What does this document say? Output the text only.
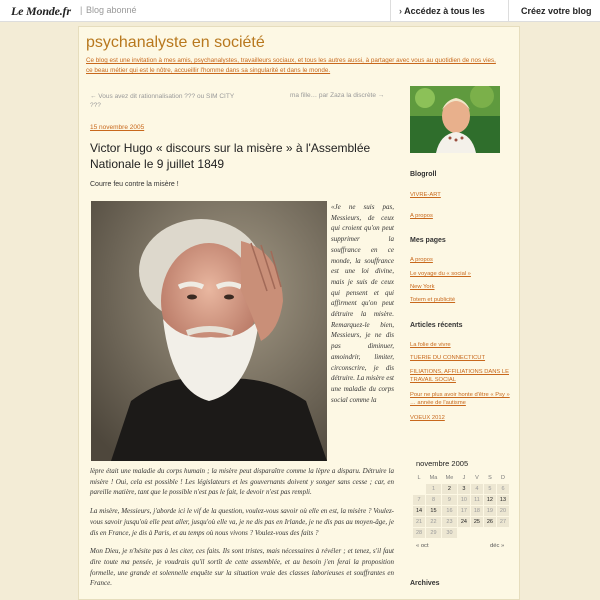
Le Monde.fr | Blog abonné	› Accédez à tous les	Créez votre blog
psychanalyste en société
Ce blog est une invitation à mes amis, psychanalystes, travailleurs sociaux, et tous les autres aussi, à partager avec vous au quotidien de nos vies, ce beau métier qui est le nôtre, accueillir l'homme dans sa singularité et dans le monde.
← Vous avez dit rationnalisation ??? ou SIM CITY ???
ma fille… par Zaza la discrète →
15 novembre 2005
Victor Hugo « discours sur la misère » à l'Assemblée Nationale le 9 juillet 1849
Courre feu contre la misère !
«Je ne suis pas, Messieurs, de ceux qui croient qu'on peut supprimer la souffrance en ce monde, la souffrance est une loi divine, mais je suis de ceux qui pensent et qui affirment qu'on peut détruire la misère. Remarquez-le bien, Messieurs, je ne dis pas diminuer, amoindrir, limiter, circonscrire, je dis détruire. La misère est une maladie du corps social comme la

lèpre était une maladie du corps humain ; la misère peut disparaître comme la lèpre a disparu. Détruire la misère ! Oui, cela est possible ! Les législateurs et les gouvernants doivent y songer sans cesse ; car, en pareille matière, tant que le possible n'est pas le fait, le devoir n'est pas rempli.

La misère, Messieurs, j'aborde ici le vif de la question, voulez-vous savoir où elle en est, la misère ? Voulez-vous savoir jusqu'où elle peut aller, jusqu'où elle va, je ne dis pas en Irlande, je ne dis pas au moyen-âge, je dis en France, je dis à Paris, et au temps où nous vivons ? Voulez-vous des faits ?

Mon Dieu, je n'hésite pas à les citer, ces faits. Ils sont tristes, mais nécessaires à révéler ; et tenez, s'il faut dire toute ma pensée, je voudrais qu'il sortît de cette assemblée, et au besoin j'en ferai la proposition formelle, une grande et solennelle enquête sur la situation vraie des classes laborieuses et souffrantes en France.

Blogroll
VIVRE-ART
A propos
Mes pages
A propos
Le voyage du « social »
New York
Totem et publicité
Articles récents
La folie de vivre
TUERIE DU CONNECTICUT
FILIATIONS, AFFILIATIONS DANS LE TRAVAIL SOCIAL
Pour ne plus avoir honte d'être « Psy » … année de l'autisme
VOEUX 2012
novembre 2005
L	Ma	Me	J	V	S	D
	1	2	3	4	5	6
7	8	9	10	11	12	13
14	15	16	17	18	19	20
21	22	23	24	25	26	27
28	29	30				
« oct	déc »
Archives
